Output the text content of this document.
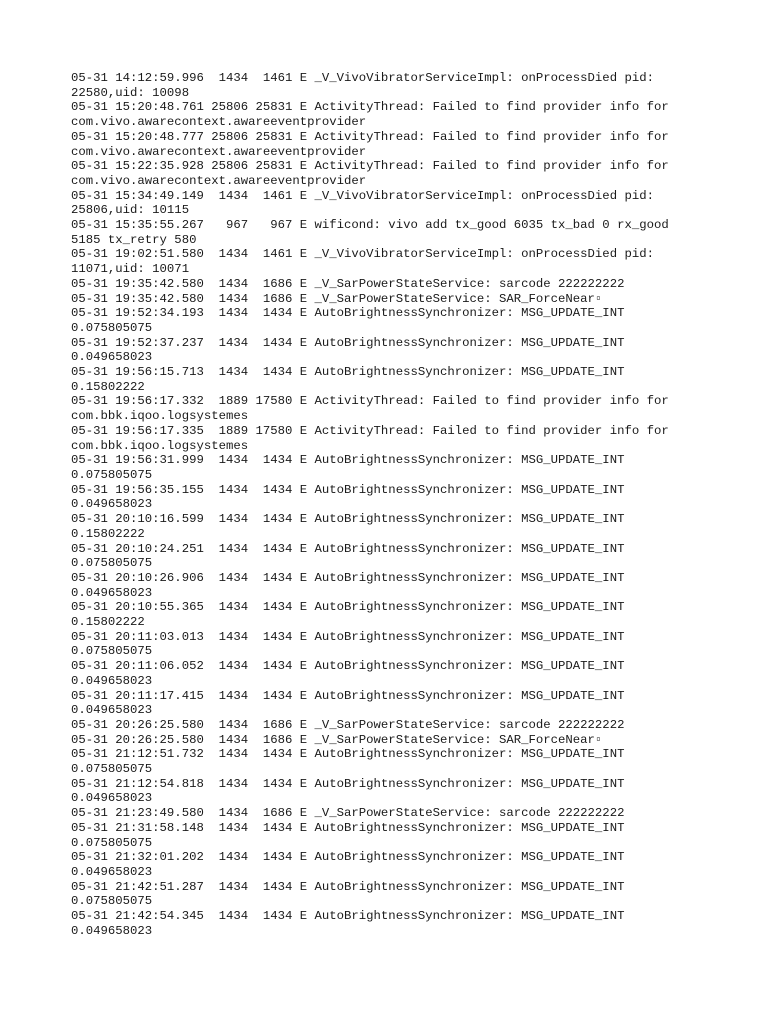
05-31 14:12:59.996  1434  1461 E _V_VivoVibratorServiceImpl: onProcessDied pid:

22580,uid: 10098

05-31 15:20:48.761 25806 25831 E ActivityThread: Failed to find provider info for

com.vivo.awarecontext.awareeventprovider

05-31 15:20:48.777 25806 25831 E ActivityThread: Failed to find provider info for

com.vivo.awarecontext.awareeventprovider

05-31 15:22:35.928 25806 25831 E ActivityThread: Failed to find provider info for

com.vivo.awarecontext.awareeventprovider

05-31 15:34:49.149  1434  1461 E _V_VivoVibratorServiceImpl: onProcessDied pid:

25806,uid: 10115

05-31 15:35:55.267   967   967 E wificond: vivo add tx_good 6035 tx_bad 0 rx_good

5185 tx_retry 580

05-31 19:02:51.580  1434  1461 E _V_VivoVibratorServiceImpl: onProcessDied pid:

11071,uid: 10071

05-31 19:35:42.580  1434  1686 E _V_SarPowerStateService: sarcode 222222222

05-31 19:35:42.580  1434  1686 E _V_SarPowerStateService: SAR_ForceNear▫

05-31 19:52:34.193  1434  1434 E AutoBrightnessSynchronizer: MSG_UPDATE_INT

0.075805075

05-31 19:52:37.237  1434  1434 E AutoBrightnessSynchronizer: MSG_UPDATE_INT

0.049658023

05-31 19:56:15.713  1434  1434 E AutoBrightnessSynchronizer: MSG_UPDATE_INT

0.15802222

05-31 19:56:17.332  1889 17580 E ActivityThread: Failed to find provider info for

com.bbk.iqoo.logsystemes

05-31 19:56:17.335  1889 17580 E ActivityThread: Failed to find provider info for

com.bbk.iqoo.logsystemes

05-31 19:56:31.999  1434  1434 E AutoBrightnessSynchronizer: MSG_UPDATE_INT

0.075805075

05-31 19:56:35.155  1434  1434 E AutoBrightnessSynchronizer: MSG_UPDATE_INT

0.049658023

05-31 20:10:16.599  1434  1434 E AutoBrightnessSynchronizer: MSG_UPDATE_INT

0.15802222

05-31 20:10:24.251  1434  1434 E AutoBrightnessSynchronizer: MSG_UPDATE_INT

0.075805075

05-31 20:10:26.906  1434  1434 E AutoBrightnessSynchronizer: MSG_UPDATE_INT

0.049658023

05-31 20:10:55.365  1434  1434 E AutoBrightnessSynchronizer: MSG_UPDATE_INT

0.15802222

05-31 20:11:03.013  1434  1434 E AutoBrightnessSynchronizer: MSG_UPDATE_INT

0.075805075

05-31 20:11:06.052  1434  1434 E AutoBrightnessSynchronizer: MSG_UPDATE_INT

0.049658023

05-31 20:11:17.415  1434  1434 E AutoBrightnessSynchronizer: MSG_UPDATE_INT

0.049658023

05-31 20:26:25.580  1434  1686 E _V_SarPowerStateService: sarcode 222222222

05-31 20:26:25.580  1434  1686 E _V_SarPowerStateService: SAR_ForceNear▫

05-31 21:12:51.732  1434  1434 E AutoBrightnessSynchronizer: MSG_UPDATE_INT

0.075805075

05-31 21:12:54.818  1434  1434 E AutoBrightnessSynchronizer: MSG_UPDATE_INT

0.049658023

05-31 21:23:49.580  1434  1686 E _V_SarPowerStateService: sarcode 222222222

05-31 21:31:58.148  1434  1434 E AutoBrightnessSynchronizer: MSG_UPDATE_INT

0.075805075

05-31 21:32:01.202  1434  1434 E AutoBrightnessSynchronizer: MSG_UPDATE_INT

0.049658023

05-31 21:42:51.287  1434  1434 E AutoBrightnessSynchronizer: MSG_UPDATE_INT

0.075805075

05-31 21:42:54.345  1434  1434 E AutoBrightnessSynchronizer: MSG_UPDATE_INT

0.049658023
